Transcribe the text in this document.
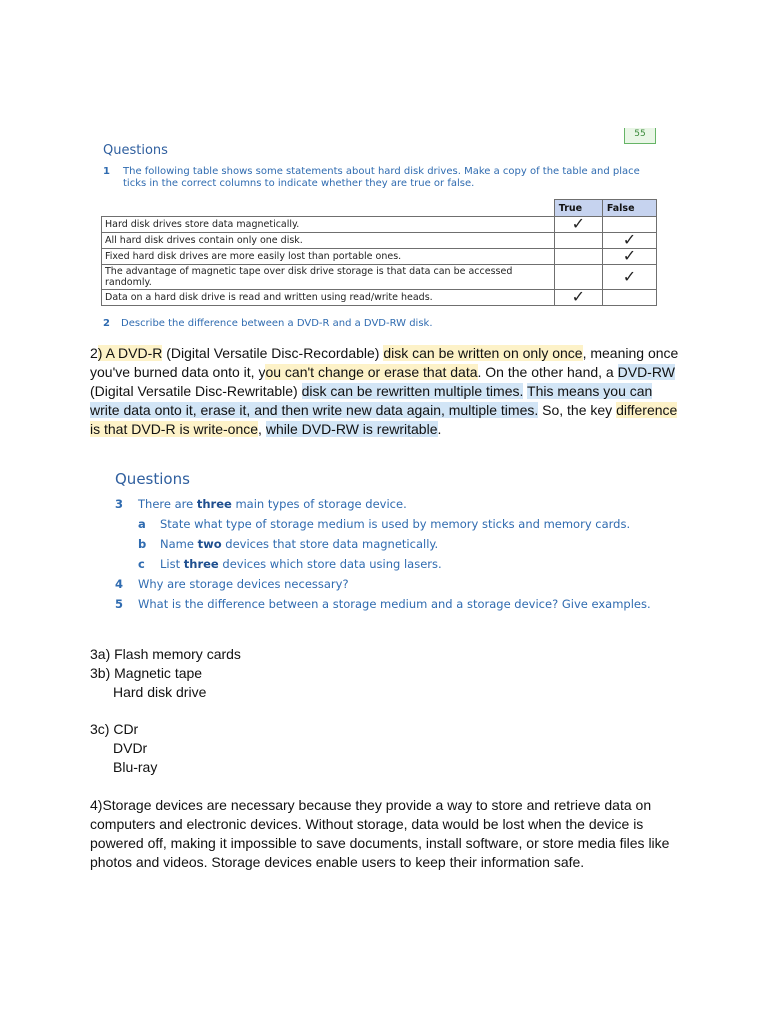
55
Questions
1 The following table shows some statements about hard disk drives. Make a copy of the table and place ticks in the correct columns to indicate whether they are true or false.
	True	False
Hard disk drives store data magnetically.	✓	
All hard disk drives contain only one disk.		✓
Fixed hard disk drives are more easily lost than portable ones.		✓
The advantage of magnetic tape over disk drive storage is that data can be accessed randomly.		✓
Data on a hard disk drive is read and written using read/write heads.	✓	
2 Describe the difference between a DVD-R and a DVD-RW disk.
2) A DVD-R (Digital Versatile Disc-Recordable) disk can be written on only once, meaning once you've burned data onto it, you can't change or erase that data. On the other hand, a DVD-RW (Digital Versatile Disc-Rewritable) disk can be rewritten multiple times. This means you can write data onto it, erase it, and then write new data again, multiple times. So, the key difference is that DVD-R is write-once, while DVD-RW is rewritable.
Questions
3 There are three main types of storage device.
a State what type of storage medium is used by memory sticks and memory cards.
b Name two devices that store data magnetically.
c List three devices which store data using lasers.
4 Why are storage devices necessary?
5 What is the difference between a storage medium and a storage device? Give examples.
3a) Flash memory cards
3b) Magnetic tape
Hard disk drive
3c) CDr
DVDr
Blu-ray
4)Storage devices are necessary because they provide a way to store and retrieve data on computers and electronic devices. Without storage, data would be lost when the device is powered off, making it impossible to save documents, install software, or store media files like photos and videos. Storage devices enable users to keep their information safe.
